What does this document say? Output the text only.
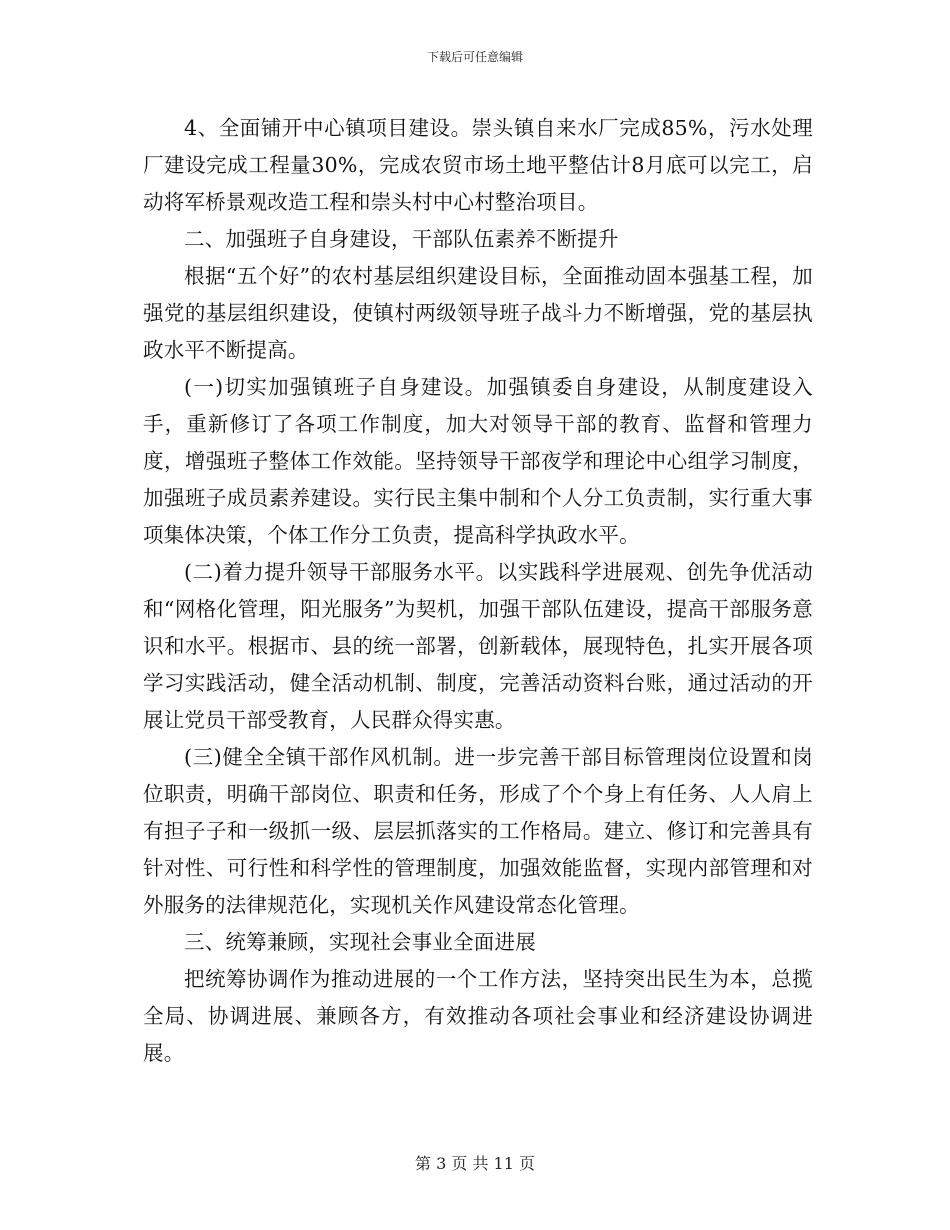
下载后可任意编辑

4、全面铺开中心镇项目建设。崇头镇自来水厂完成85%，污水处理厂建设完成工程量30%，完成农贸市场土地平整估计8月底可以完工，启动将军桥景观改造工程和崇头村中心村整治项目。

二、加强班子自身建设，干部队伍素养不断提升

根据“五个好”的农村基层组织建设目标，全面推动固本强基工程，加强党的基层组织建设，使镇村两级领导班子战斗力不断增强，党的基层执政水平不断提高。

(一)切实加强镇班子自身建设。加强镇委自身建设，从制度建设入手，重新修订了各项工作制度，加大对领导干部的教育、监督和管理力度，增强班子整体工作效能。坚持领导干部夜学和理论中心组学习制度，加强班子成员素养建设。实行民主集中制和个人分工负责制，实行重大事项集体决策，个体工作分工负责，提高科学执政水平。

(二)着力提升领导干部服务水平。以实践科学进展观、创先争优活动和“网格化管理，阳光服务”为契机，加强干部队伍建设，提高干部服务意识和水平。根据市、县的统一部署，创新载体，展现特色，扎实开展各项学习实践活动，健全活动机制、制度，完善活动资料台账，通过活动的开展让党员干部受教育，人民群众得实惠。

(三)健全全镇干部作风机制。进一步完善干部目标管理岗位设置和岗位职责，明确干部岗位、职责和任务，形成了个个身上有任务、人人肩上有担子子和一级抓一级、层层抓落实的工作格局。建立、修订和完善具有针对性、可行性和科学性的管理制度，加强效能监督，实现内部管理和对外服务的法律规范化，实现机关作风建设常态化管理。

三、统筹兼顾，实现社会事业全面进展

把统筹协调作为推动进展的一个工作方法，坚持突出民生为本，总揽全局、协调进展、兼顾各方，有效推动各项社会事业和经济建设协调进展。

第 3 页 共 11 页
